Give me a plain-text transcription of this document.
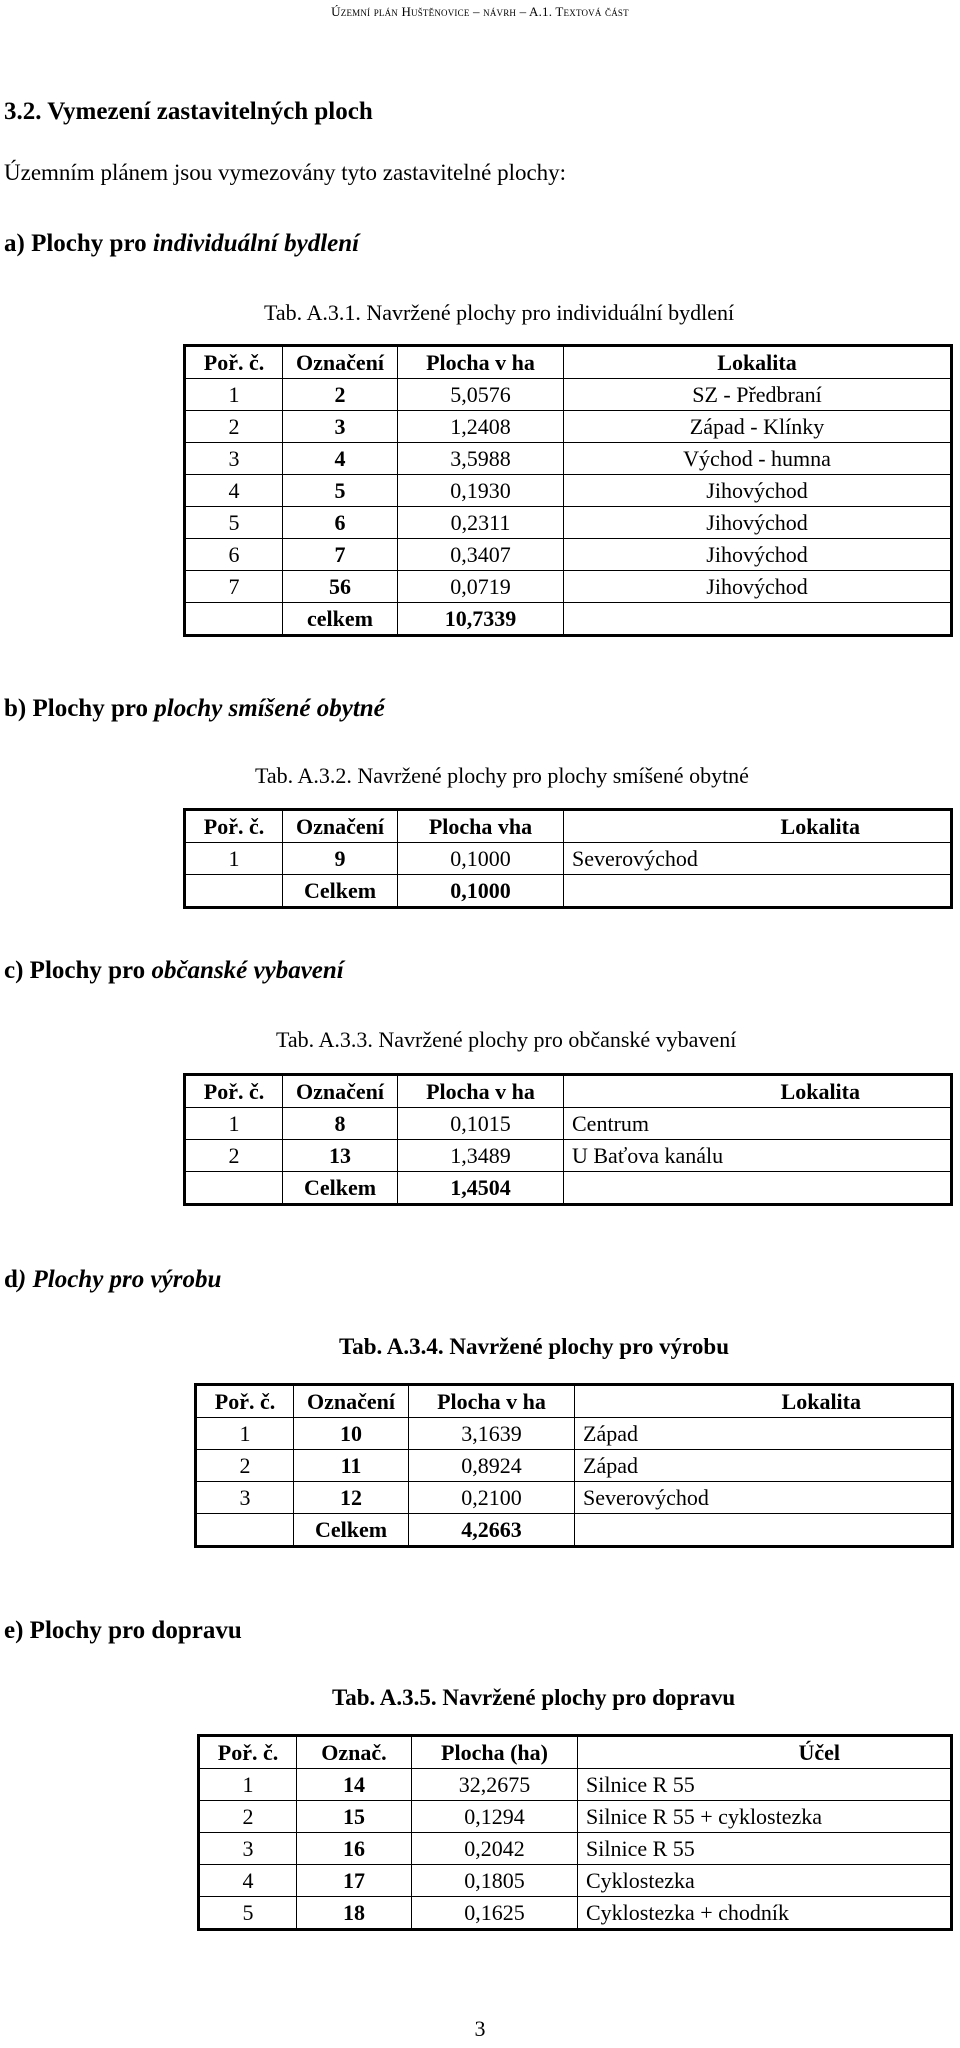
Územní plán Huštěnovice – návrh – A.1. Textová část
3.2. Vymezení zastavitelných ploch
Územním plánem jsou vymezovány tyto zastavitelné plochy:
a) Plochy pro individuální bydlení
Tab. A.3.1. Navržené plochy pro individuální bydlení
Poř. č.	Označení	Plocha v ha	Lokalita
1	2	5,0576	SZ - Předbraní
2	3	1,2408	Západ - Klínky
3	4	3,5988	Východ - humna
4	5	0,1930	Jihovýchod
5	6	0,2311	Jihovýchod
6	7	0,3407	Jihovýchod
7	56	0,0719	Jihovýchod
	celkem	10,7339	
b) Plochy pro plochy smíšené obytné
Tab. A.3.2. Navržené plochy pro plochy smíšené obytné
Poř. č.	Označení	Plocha vha	Lokalita
1	9	0,1000	Severovýchod
	Celkem	0,1000	
c) Plochy pro občanské vybavení
Tab. A.3.3. Navržené plochy pro občanské vybavení
Poř. č.	Označení	Plocha v ha	Lokalita
1	8	0,1015	Centrum
2	13	1,3489	U Baťova kanálu
	Celkem	1,4504	
d) Plochy pro výrobu
Tab. A.3.4. Navržené plochy pro výrobu
Poř. č.	Označení	Plocha v ha	Lokalita
1	10	3,1639	Západ
2	11	0,8924	Západ
3	12	0,2100	Severovýchod
	Celkem	4,2663	
e) Plochy pro dopravu
Tab. A.3.5. Navržené plochy pro dopravu
Poř. č.	Označ.	Plocha (ha)	Účel
1	14	32,2675	Silnice R 55
2	15	0,1294	Silnice R 55 + cyklostezka
3	16	0,2042	Silnice R 55
4	17	0,1805	Cyklostezka
5	18	0,1625	Cyklostezka + chodník
3
